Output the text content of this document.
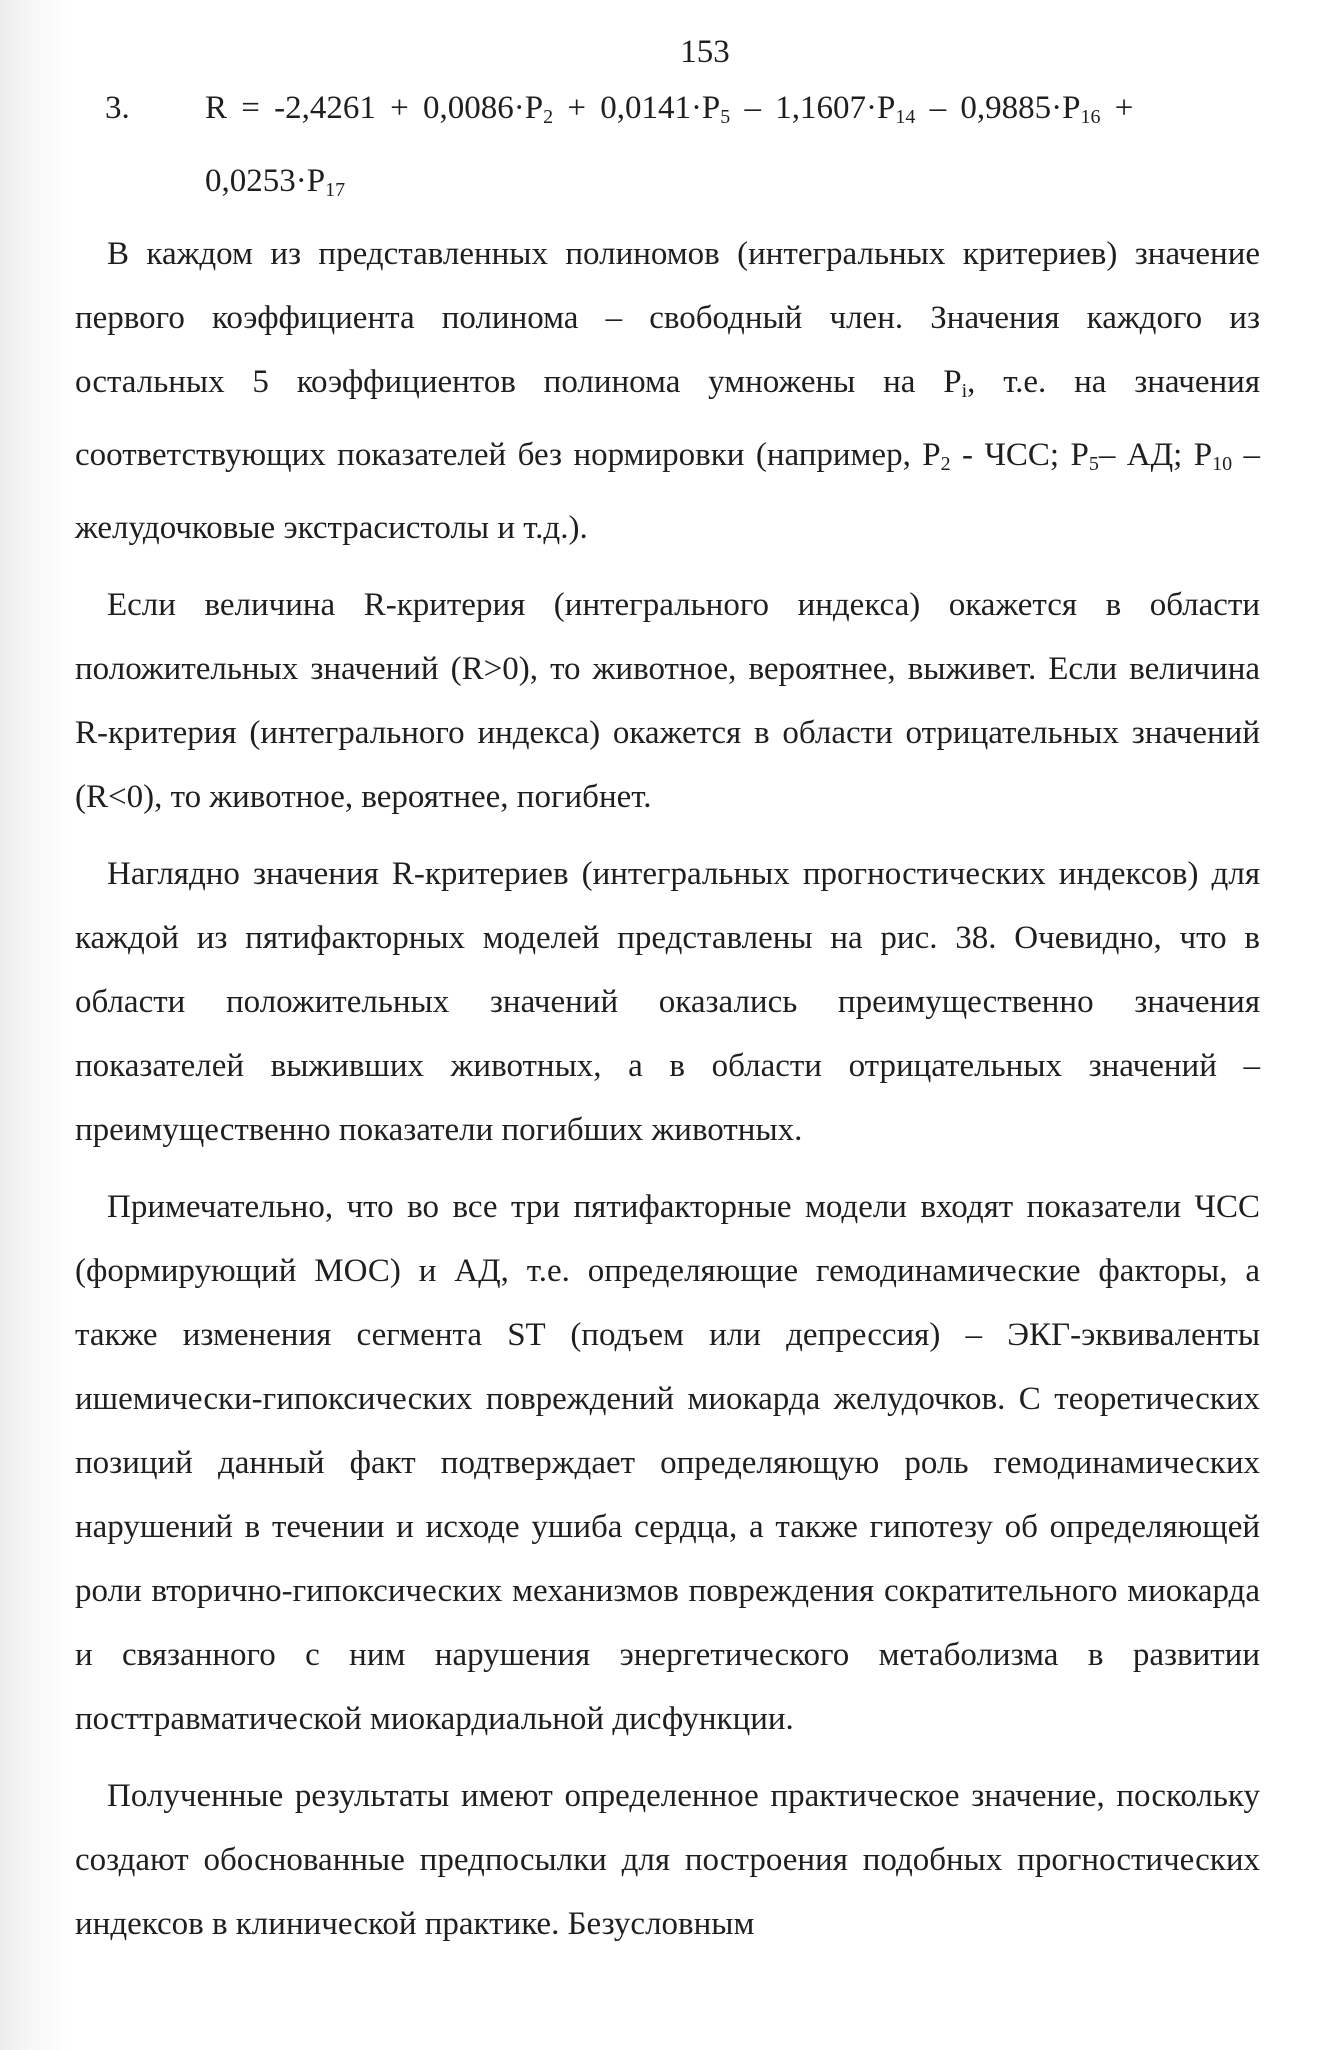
153
3. $R = -2,4261 + 0,0086\cdot P_2 + 0,0141\cdot P_5 - 1,1607\cdot P_{14} - 0,9885\cdot P_{16}$ +
$0,0253\cdot P_{17}$

В каждом из представленных полиномов (интегральных критериев) значение первого коэффициента полинома – свободный член. Значения каждого из остальных 5 коэффициентов полинома умножены на $P_i$, т.е. на значения соответствующих показателей без нормировки (например, $P_2$ - ЧСС; $P_5-$ АД; $P_{10}$ – желудочковые экстрасистолы и т.д.).

Если величина R-критерия (интегрального индекса) окажется в области положительных значений (R>0), то животное, вероятнее, выживет. Если величина R-критерия (интегрального индекса) окажется в области отрицательных значений (R<0), то животное, вероятнее, погибнет.

Наглядно значения R-критериев (интегральных прогностических индексов) для каждой из пятифакторных моделей представлены на рис. 38. Очевидно, что в области положительных значений оказались преимущественно значения показателей выживших животных, а в области отрицательных значений – преимущественно показатели погибших животных.

Примечательно, что во все три пятифакторные модели входят показатели ЧСС (формирующий МОС) и АД, т.е. определяющие гемодинамические факторы, а также изменения сегмента ST (подъем или депрессия) – ЭКГ-эквиваленты ишемически-гипоксических повреждений миокарда желудочков. С теоретических позиций данный факт подтверждает определяющую роль гемодинамических нарушений в течении и исходе ушиба сердца, а также гипотезу об определяющей роли вторично-гипоксических механизмов повреждения сократительного миокарда и связанного с ним нарушения энергетического метаболизма в развитии посттравматической миокардиальной дисфункции.

Полученные результаты имеют определенное практическое значение, поскольку создают обоснованные предпосылки для построения подобных прогностических индексов в клинической практике. Безусловным
